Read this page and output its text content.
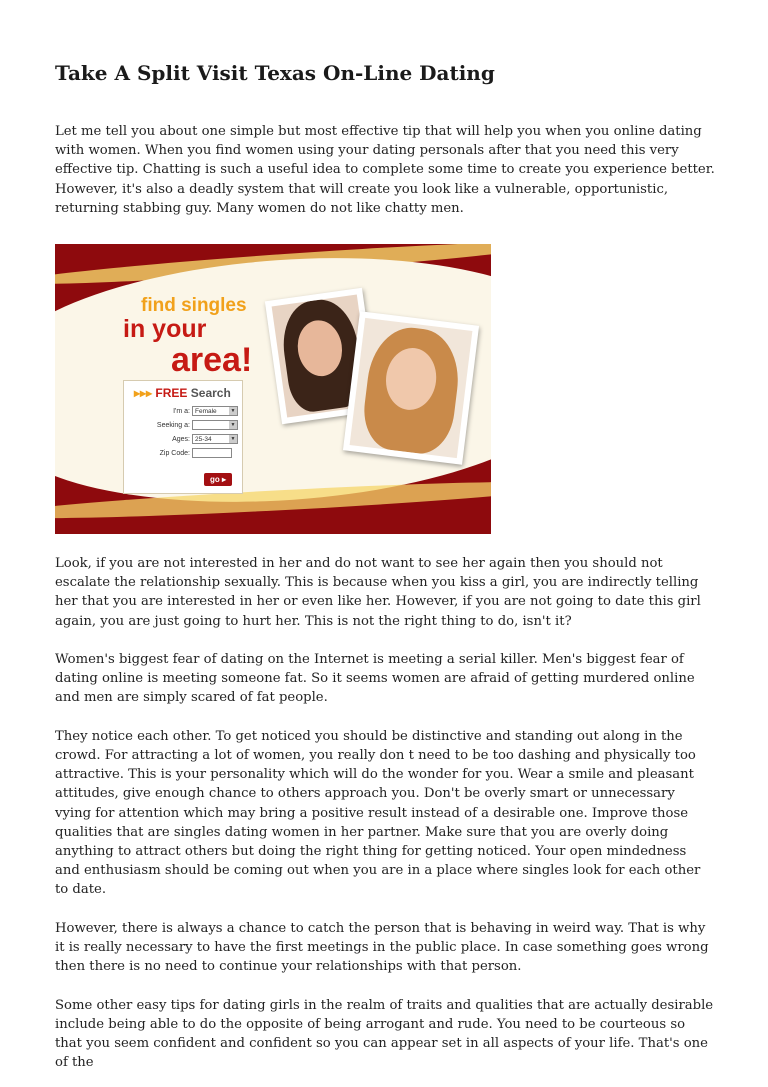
Take A Split Visit Texas On-Line Dating

Let me tell you about one simple but most effective tip that will help you when you online dating with women. When you find women using your dating personals after that you need this very effective tip. Chatting is such a useful idea to complete some time to create you experience better. However, it's also a deadly system that will create you look like a vulnerable, opportunistic, returning stabbing guy. Many women do not like chatty men.

find singles
in your
area!
▸▸▸ FREE Search
I'm a: Female	▼
Seeking a:	▼
Ages: 25-34	▼
Zip Code:
go ▸

Look, if you are not interested in her and do not want to see her again then you should not escalate the relationship sexually. This is because when you kiss a girl, you are indirectly telling her that you are interested in her or even like her. However, if you are not going to date this girl again, you are just going to hurt her. This is not the right thing to do, isn't it?

Women's biggest fear of dating on the Internet is meeting a serial killer. Men's biggest fear of dating online is meeting someone fat. So it seems women are afraid of getting murdered online and men are simply scared of fat people.

They notice each other. To get noticed you should be distinctive and standing out along in the crowd. For attracting a lot of women, you really don t need to be too dashing and physically too attractive. This is your personality which will do the wonder for you. Wear a smile and pleasant attitudes, give enough chance to others approach you. Don't be overly smart or unnecessary vying for attention which may bring a positive result instead of a desirable one. Improve those qualities that are singles dating women in her partner. Make sure that you are overly doing anything to attract others but doing the right thing for getting noticed. Your open mindedness and enthusiasm should be coming out when you are in a place where singles look for each other to date.

However, there is always a chance to catch the person that is behaving in weird way. That is why it is really necessary to have the first meetings in the public place. In case something goes wrong then there is no need to continue your relationships with that person.

Some other easy tips for dating girls in the realm of traits and qualities that are actually desirable include being able to do the opposite of being arrogant and rude. You need to be courteous so that you seem confident and confident so you can appear set in all aspects of your life. That's one of the
